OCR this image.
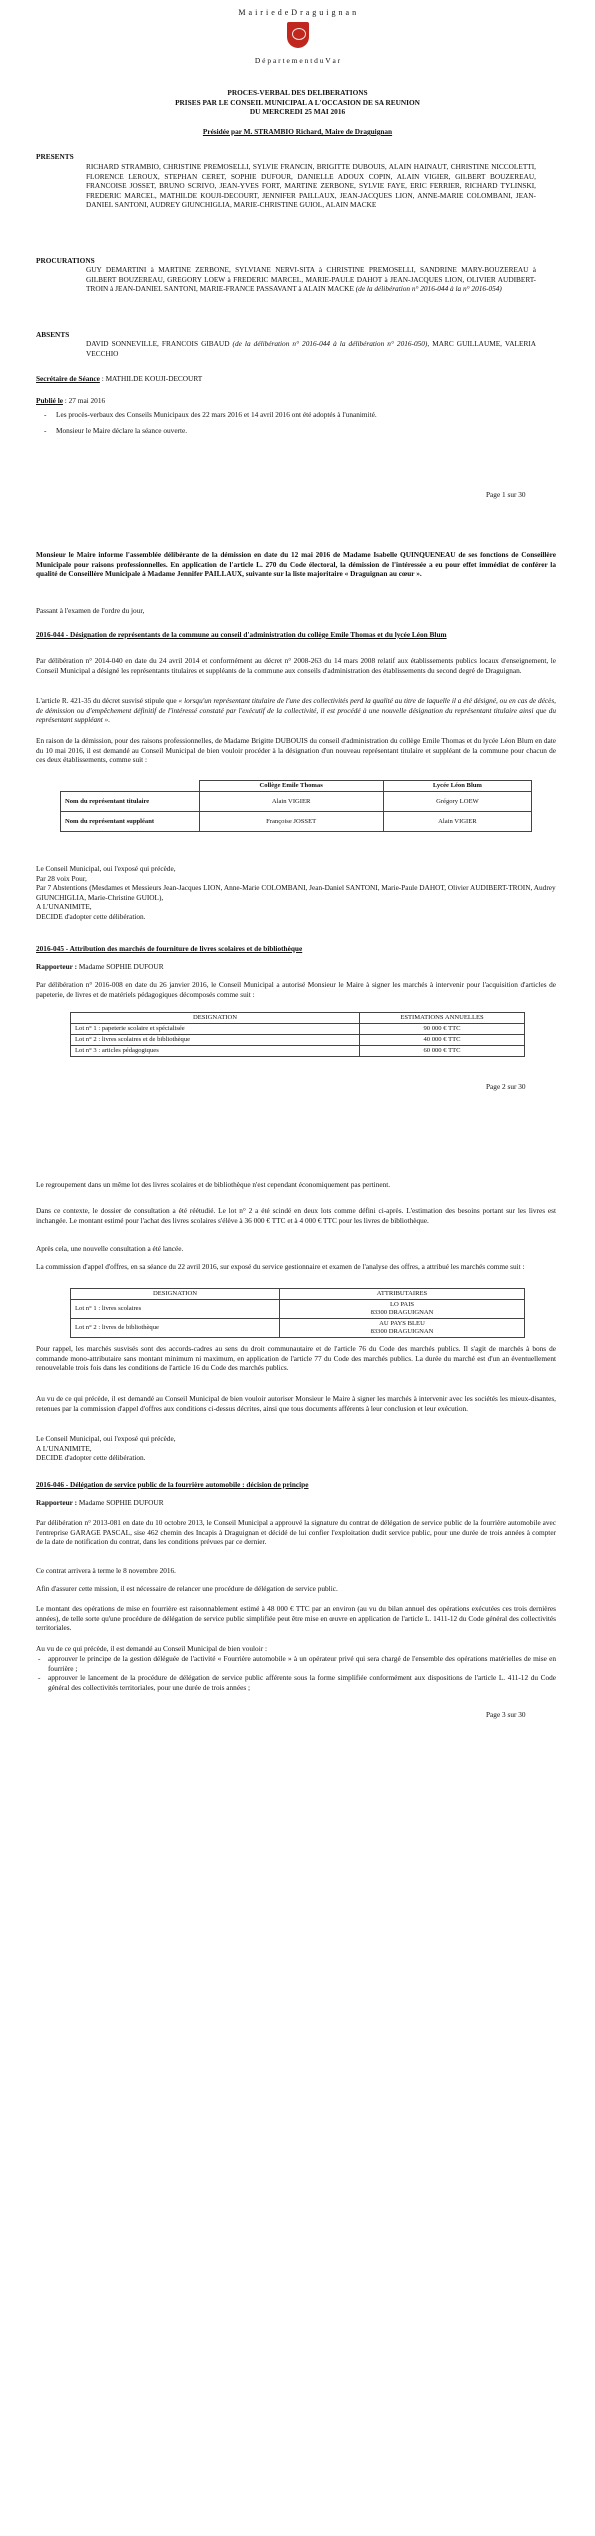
M a i r i e d e D r a g u i g n a n
D é p a r t e m e n t d u V a r
PROCES-VERBAL DES DELIBERATIONS
PRISES PAR LE CONSEIL MUNICIPAL A L'OCCASION DE SA REUNION
DU MERCREDI 25 MAI 2016
Présidée par M. STRAMBIO Richard, Maire de Draguignan
PRESENTS
RICHARD STRAMBIO, CHRISTINE PREMOSELLI, SYLVIE FRANCIN, BRIGITTE DUBOUIS, ALAIN HAINAUT, CHRISTINE NICCOLETTI, FLORENCE LEROUX, STEPHAN CERET, SOPHIE DUFOUR, DANIELLE ADOUX COPIN, ALAIN VIGIER, GILBERT BOUZEREAU, FRANCOISE JOSSET, BRUNO SCRIVO, JEAN-YVES FORT, MARTINE ZERBONE, SYLVIE FAYE, ERIC FERRIER, RICHARD TYLINSKI, FREDERIC MARCEL, MATHILDE KOUJI-DECOURT, JENNIFER PAILLAUX, JEAN-JACQUES LION, ANNE-MARIE COLOMBANI, JEAN-DANIEL SANTONI, AUDREY GIUNCHIGLIA, MARIE-CHRISTINE GUIOL, ALAIN MACKE
PROCURATIONS
GUY DEMARTINI à MARTINE ZERBONE, SYLVIANE NERVI-SITA à CHRISTINE PREMOSELLI, SANDRINE MARY-BOUZEREAU à GILBERT BOUZEREAU, GREGORY LOEW à FREDERIC MARCEL, MARIE-PAULE DAHOT à JEAN-JACQUES LION, OLIVIER AUDIBERT-TROIN à JEAN-DANIEL SANTONI, MARIE-FRANCE PASSAVANT à ALAIN MACKE (de la délibération n° 2016-044 à la n° 2016-054)
ABSENTS
DAVID SONNEVILLE, FRANCOIS GIBAUD (de la délibération n° 2016-044 à la délibération n° 2016-050), MARC GUILLAUME, VALERIA VECCHIO
Secrétaire de Séance : MATHILDE KOUJI-DECOURT
Publié le : 27 mai 2016
- Les procès-verbaux des Conseils Municipaux des 22 mars 2016 et 14 avril 2016 ont été adoptés à l'unanimité.
- Monsieur le Maire déclare la séance ouverte.
Page 1 sur 30
Monsieur le Maire informe l'assemblée délibérante de la démission en date du 12 mai 2016 de Madame Isabelle QUINQUENEAU de ses fonctions de Conseillère Municipale pour raisons professionnelles. En application de l'article L. 270 du Code électoral, la démission de l'intéressée a eu pour effet immédiat de conférer la qualité de Conseillère Municipale à Madame Jennifer PAILLAUX, suivante sur la liste majoritaire « Draguignan au cœur ».
Passant à l'examen de l'ordre du jour,
2016-044 - Désignation de représentants de la commune au conseil d'administration du collège Emile Thomas et du lycée Léon Blum
Par délibération n° 2014-040 en date du 24 avril 2014 et conformément au décret n° 2008-263 du 14 mars 2008 relatif aux établissements publics locaux d'enseignement, le Conseil Municipal a désigné les représentants titulaires et suppléants de la commune aux conseils d'administration des établissements du second degré de Draguignan.
L'article R. 421-35 du décret susvisé stipule que « lorsqu'un représentant titulaire de l'une des collectivités perd la qualité au titre de laquelle il a été désigné, ou en cas de décès, de démission ou d'empêchement définitif de l'intéressé constaté par l'exécutif de la collectivité, il est procédé à une nouvelle désignation du représentant titulaire ainsi que du représentant suppléant ».
En raison de la démission, pour des raisons professionnelles, de Madame Brigitte DUBOUIS du conseil d'administration du collège Emile Thomas et du lycée Léon Blum en date du 10 mai 2016, il est demandé au Conseil Municipal de bien vouloir procéder à la désignation d'un nouveau représentant titulaire et suppléant de la commune pour chacun de ces deux établissements, comme suit :
	Collège Emile Thomas	Lycée Léon Blum
Nom du représentant titulaire	Alain VIGIER	Grégory LOEW
Nom du représentant suppléant	Françoise JOSSET	Alain VIGIER
Le Conseil Municipal, oui l'exposé qui précède,
Par 28 voix Pour,
Par 7 Abstentions (Mesdames et Messieurs Jean-Jacques LION, Anne-Marie COLOMBANI, Jean-Daniel SANTONI, Marie-Paule DAHOT, Olivier AUDIBERT-TROIN, Audrey GIUNCHIGLIA, Marie-Christine GUIOL),
A L'UNANIMITE,
DECIDE d'adopter cette délibération.
2016-045 - Attribution des marchés de fourniture de livres scolaires et de bibliothèque
Rapporteur : Madame SOPHIE DUFOUR
Par délibération n° 2016-008 en date du 26 janvier 2016, le Conseil Municipal a autorisé Monsieur le Maire à signer les marchés à intervenir pour l'acquisition d'articles de papeterie, de livres et de matériels pédagogiques décomposés comme suit :
DESIGNATION	ESTIMATIONS ANNUELLES
Lot n° 1 : papeterie scolaire et spécialisée	90 000 € TTC
Lot n° 2 : livres scolaires et de bibliothèque	40 000 € TTC
Lot n° 3 : articles pédagogiques	60 000 € TTC
Page 2 sur 30
Le regroupement dans un même lot des livres scolaires et de bibliothèque n'est cependant économiquement pas pertinent.
Dans ce contexte, le dossier de consultation a été réétudié. Le lot n° 2 a été scindé en deux lots comme défini ci-après. L'estimation des besoins portant sur les livres est inchangée. Le montant estimé pour l'achat des livres scolaires s'élève à 36 000 € TTC et à 4 000 € TTC pour les livres de bibliothèque.
Après cela, une nouvelle consultation a été lancée.
La commission d'appel d'offres, en sa séance du 22 avril 2016, sur exposé du service gestionnaire et examen de l'analyse des offres, a attribué les marchés comme suit :
DESIGNATION	ATTRIBUTAIRES
Lot n° 1 : livres scolaires	LO PAIS
83300 DRAGUIGNAN

Lot n° 2 : livres de bibliothèque	AU PAYS BLEU
83300 DRAGUIGNAN
Pour rappel, les marchés susvisés sont des accords-cadres au sens du droit communautaire et de l'article 76 du Code des marchés publics. Il s'agit de marchés à bons de commande mono-attributaire sans montant minimum ni maximum, en application de l'article 77 du Code des marchés publics. La durée du marché est d'un an éventuellement renouvelable trois fois dans les conditions de l'article 16 du Code des marchés publics.
Au vu de ce qui précède, il est demandé au Conseil Municipal de bien vouloir autoriser Monsieur le Maire à signer les marchés à intervenir avec les sociétés les mieux-disantes, retenues par la commission d'appel d'offres aux conditions ci-dessus décrites, ainsi que tous documents afférents à leur conclusion et leur exécution.
Le Conseil Municipal, oui l'exposé qui précède,
A L'UNANIMITE,
DECIDE d'adopter cette délibération.
2016-046 - Délégation de service public de la fourrière automobile : décision de principe
Rapporteur : Madame SOPHIE DUFOUR
Par délibération n° 2013-081 en date du 10 octobre 2013, le Conseil Municipal a approuvé la signature du contrat de délégation de service public de la fourrière automobile avec l'entreprise GARAGE PASCAL, sise 462 chemin des Incapis à Draguignan et décidé de lui confier l'exploitation dudit service public, pour une durée de trois années à compter de la date de notification du contrat, dans les conditions prévues par ce dernier.
Ce contrat arrivera à terme le 8 novembre 2016.
Afin d'assurer cette mission, il est nécessaire de relancer une procédure de délégation de service public.
Le montant des opérations de mise en fourrière est raisonnablement estimé à 48 000 € TTC par an environ (au vu du bilan annuel des opérations exécutées ces trois dernières années), de telle sorte qu'une procédure de délégation de service public simplifiée peut être mise en œuvre en application de l'article L. 1411-12 du Code général des collectivités territoriales.
Au vu de ce qui précède, il est demandé au Conseil Municipal de bien vouloir :
- approuver le principe de la gestion déléguée de l'activité « Fourrière automobile » à un opérateur privé qui sera chargé de l'ensemble des opérations matérielles de mise en fourrière ;
- approuver le lancement de la procédure de délégation de service public afférente sous la forme simplifiée conformément aux dispositions de l'article L. 411-12 du Code général des collectivités territoriales, pour une durée de trois années ;
Page 3 sur 30
